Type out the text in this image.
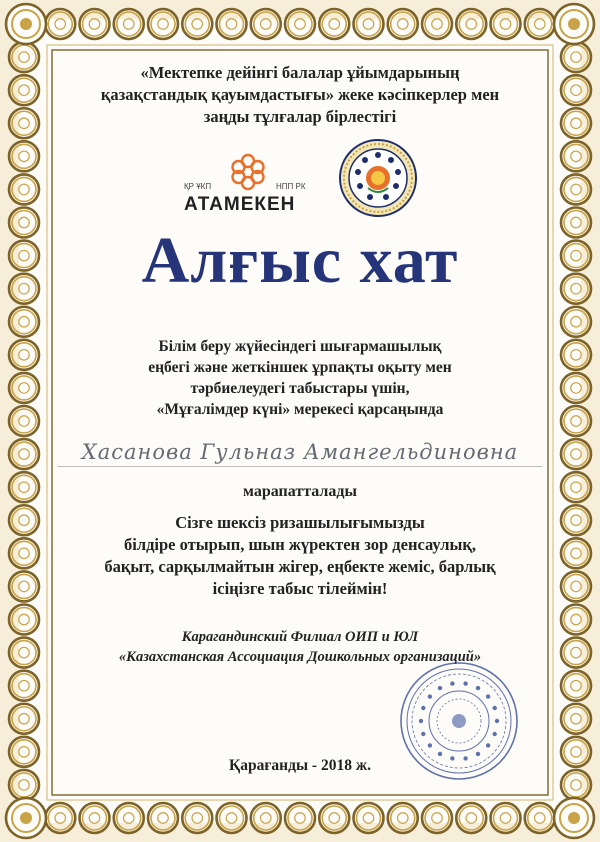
«Мектепке дейінгі балалар ұйымдарының
қазақстандық қауымдастығы» жеке кәсіпкерлер мен
заңды тұлғалар бірлестігі
ҚР ҰКП	НПП РК
АТАМЕКЕН
Алғыс хат
Білім беру жүйесіндегі шығармашылық
еңбегі және жеткіншек ұрпақты оқыту мен
тәрбиелеудегі табыстары үшін,
«Мұғалімдер күні» мерекесі қарсаңында
Хасанова Гульназ Амангельдиновна
марапатталады
Сізге шексіз ризашылығымызды
білдіре отырып, шын жүректен зор денсаулық,
бақыт, сарқылмайтын жігер, еңбекте жеміс, барлық
ісіңізге табыс тілеймін!
Карагандинский Филиал ОИП и ЮЛ
«Казахстанская Ассоциация Дошкольных организаций»
Қарағанды - 2018 ж.
